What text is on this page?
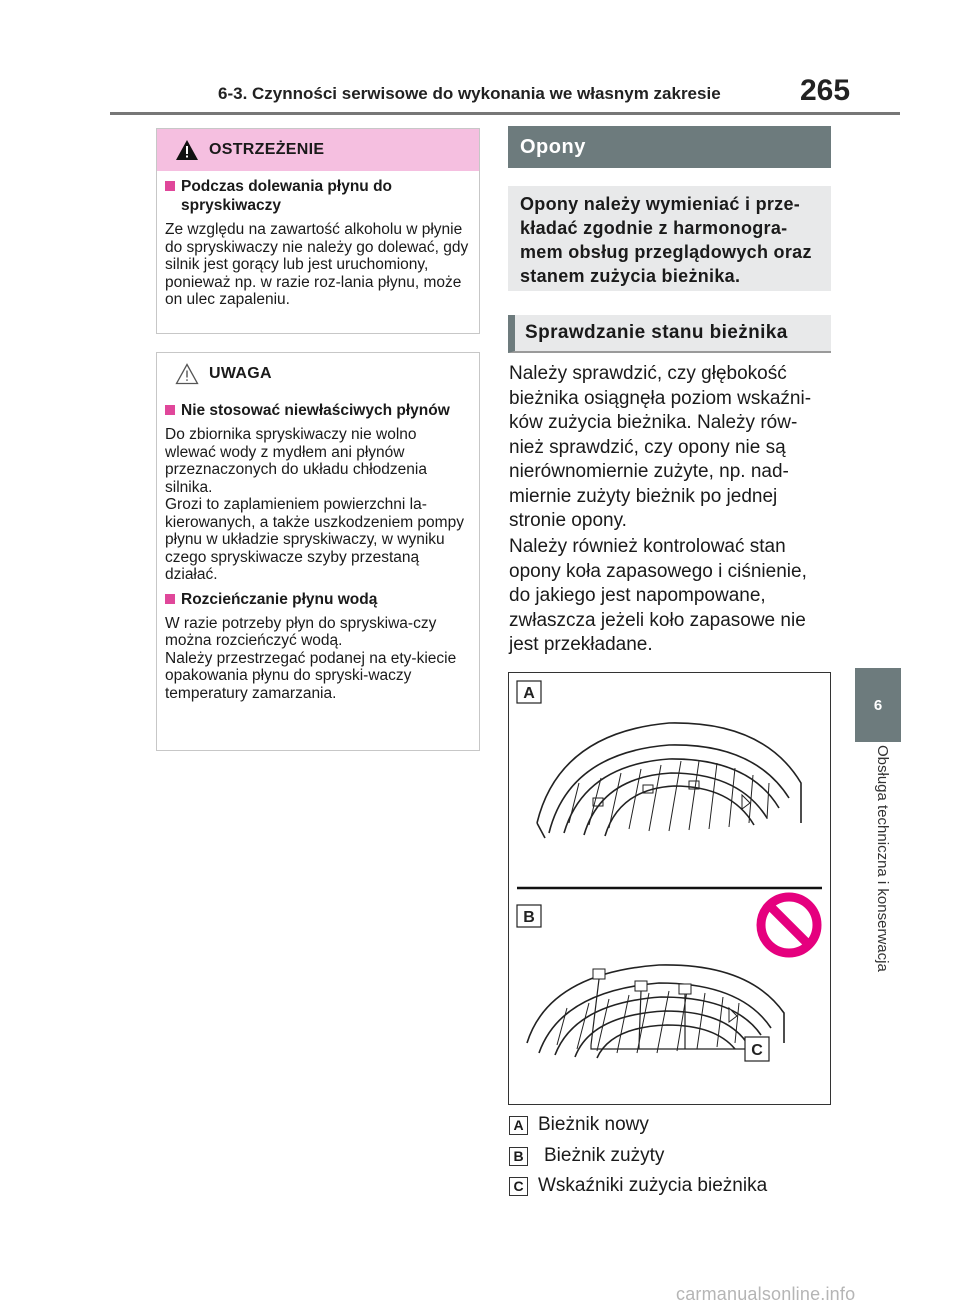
6-3. Czynności serwisowe do wykonania we własnym zakresie	265
6
Obsługa techniczna i konserwacja
OSTRZEŻENIE
Podczas dolewania płynu do spryskiwaczy

Ze względu na zawartość alkoholu w płynie do spryskiwaczy nie należy go dolewać, gdy silnik jest gorący lub jest uruchomiony, ponieważ np. w razie roz-lania płynu, może on ulec zapaleniu.

UWAGA
Nie stosować niewłaściwych płynów

Do zbiornika spryskiwaczy nie wolno wlewać wody z mydłem ani płynów przeznaczonych do układu chłodzenia silnika.

Grozi to zaplamieniem powierzchni la-kierowanych, a także uszkodzeniem pompy płynu w układzie spryskiwaczy, w wyniku czego spryskiwacze szyby przestaną działać.

Rozcieńczanie płynu wodą

W razie potrzeby płyn do spryskiwa-czy można rozcieńczyć wodą.

Należy przestrzegać podanej na ety-kiecie opakowania płynu do spryski-waczy temperatury zamarzania.

Opony
Opony należy wymieniać i prze-kładać zgodnie z harmonogra-mem obsług przeglądowych oraz stanem zużycia bieżnika.
Sprawdzanie stanu bieżnika

Należy sprawdzić, czy głębokość bieżnika osiągnęła poziom wskaźni-ków zużycia bieżnika. Należy rów-nież sprawdzić, czy opony nie są nierównomiernie zużyte, np. nad-miernie zużyty bieżnik po jednej stronie opony.

Należy również kontrolować stan opony koła zapasowego i ciśnienie, do jakiego jest napompowane, zwłaszcza jeżeli koło zapasowe nie jest przekładane.

A
B
C
A Bieżnik nowy
B Bieżnik zużyty
C Wskaźniki zużycia bieżnika
carmanualsonline.info
